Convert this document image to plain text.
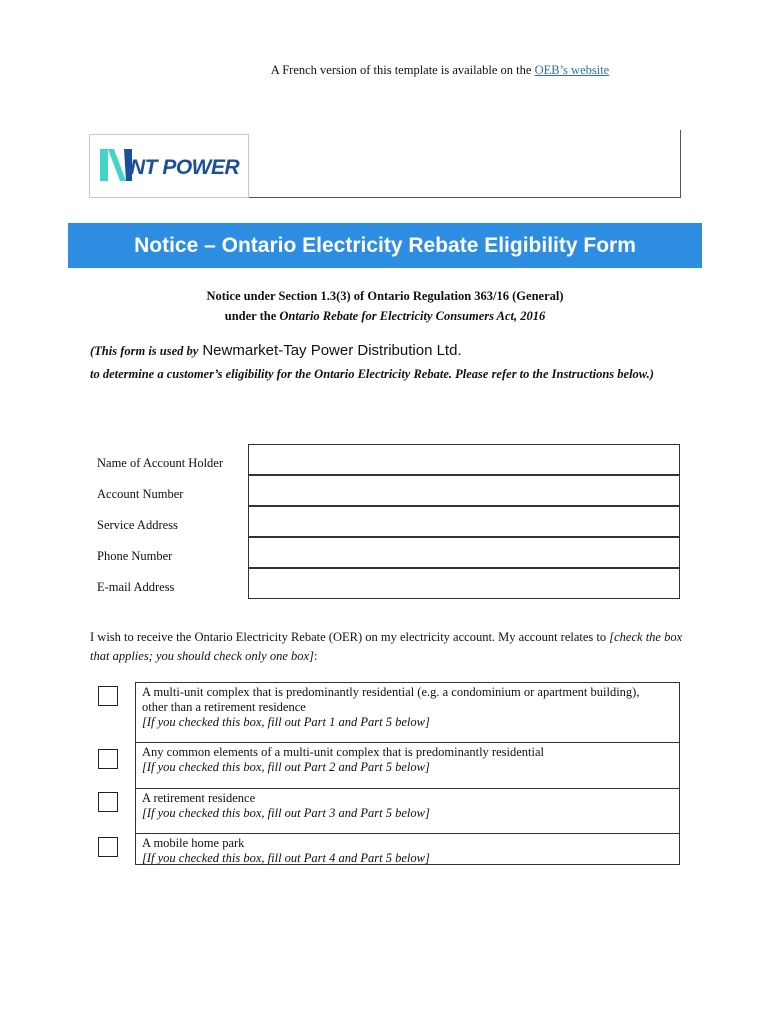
A French version of this template is available on the OEB’s website
NT POWER
Notice – Ontario Electricity Rebate Eligibility Form
Notice under Section 1.3(3) of Ontario Regulation 363/16 (General)
under the Ontario Rebate for Electricity Consumers Act, 2016
(This form is used by Newmarket-Tay Power Distribution Ltd.
to determine a customer’s eligibility for the Ontario Electricity Rebate. Please refer to the Instructions below.)
Name of Account Holder
Account Number
Service Address
Phone Number
E-mail Address
I wish to receive the Ontario Electricity Rebate (OER) on my electricity account. My account relates to [check the box that applies; you should check only one box]:
A multi-unit complex that is predominantly residential (e.g. a condominium or apartment building),
other than a retirement residence
[If you checked this box, fill out Part 1 and Part 5 below]
Any common elements of a multi-unit complex that is predominantly residential
[If you checked this box, fill out Part 2 and Part 5 below]
A retirement residence
[If you checked this box, fill out Part 3 and Part 5 below]
A mobile home park
[If you checked this box, fill out Part 4 and Part 5 below]
